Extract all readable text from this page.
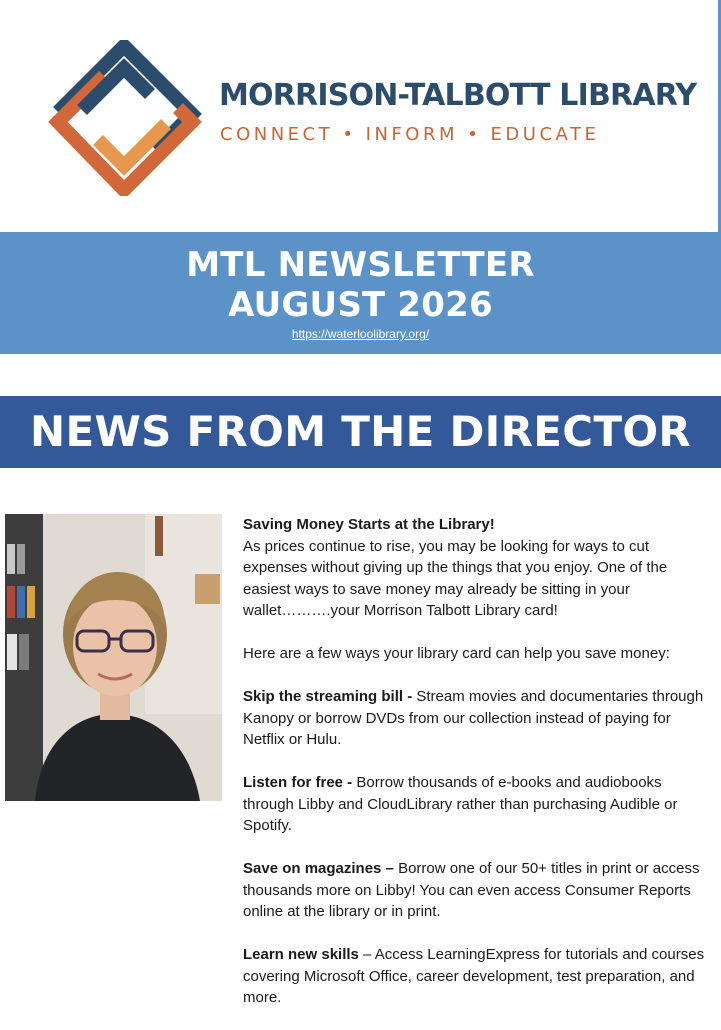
MORRISON-TALBOTT LIBRARY
CONNECT • INFORM • EDUCATE
MTL NEWSLETTER
AUGUST 2026
https://waterloolibrary.org/
NEWS FROM THE DIRECTOR

Saving Money Starts at the Library!
As prices continue to rise, you may be looking for ways to cut expenses without giving up the things that you enjoy. One of the easiest ways to save money may already be sitting in your wallet……….your Morrison Talbott Library card!

Here are a few ways your library card can help you save money:

Skip the streaming bill - Stream movies and documentaries through Kanopy or borrow DVDs from our collection instead of paying for Netflix or Hulu.

Listen for free - Borrow thousands of e-books and audiobooks through Libby and CloudLibrary rather than purchasing Audible or Spotify.

Save on magazines – Borrow one of our 50+ titles in print or access thousands more on Libby! You can even access Consumer Reports online at the library or in print.

Learn new skills – Access LearningExpress for tutorials and courses covering Microsoft Office, career development, test preparation, and more.
